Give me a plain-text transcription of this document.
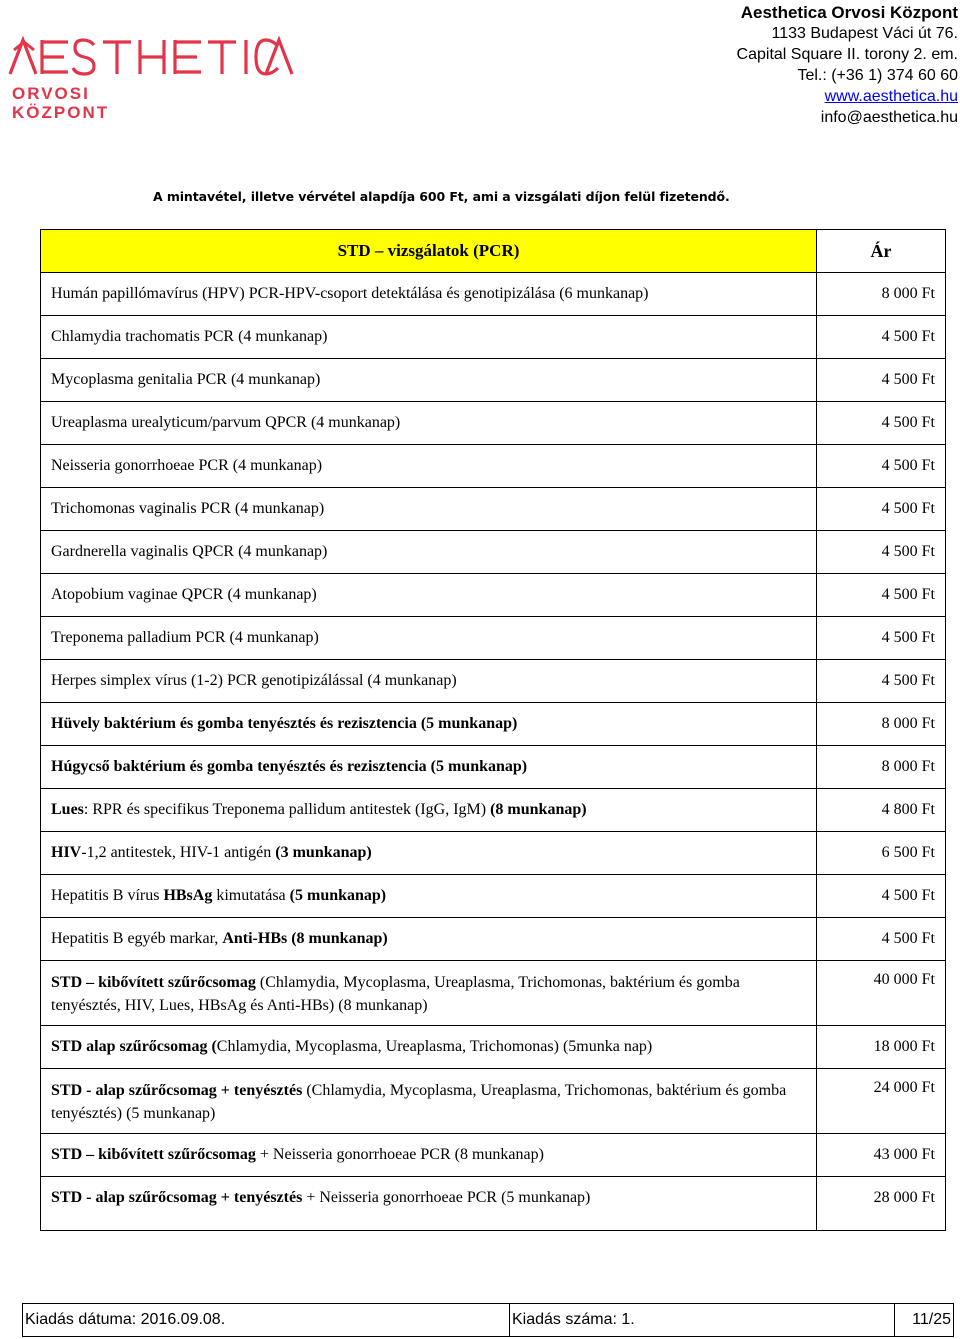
ORVOSI
KÖZPONT
Aesthetica Orvosi Központ
1133 Budapest Váci út 76.
Capital Square II. torony 2. em.
Tel.: (+36 1) 374 60 60
www.aesthetica.hu
info@aesthetica.hu

A mintavétel, illetve vérvétel alapdíja 600 Ft, ami a vizsgálati díjon felül fizetendő.

STD – vizsgálatok (PCR)	Ár
Humán papillómavírus (HPV) PCR-HPV-csoport detektálása és genotipizálása (6 munkanap)	8 000 Ft
Chlamydia trachomatis PCR (4 munkanap)	4 500 Ft
Mycoplasma genitalia PCR (4 munkanap)	4 500 Ft
Ureaplasma urealyticum/parvum QPCR (4 munkanap)	4 500 Ft
Neisseria gonorrhoeae PCR (4 munkanap)	4 500 Ft
Trichomonas vaginalis PCR (4 munkanap)	4 500 Ft
Gardnerella vaginalis QPCR (4 munkanap)	4 500 Ft
Atopobium vaginae QPCR (4 munkanap)	4 500 Ft
Treponema palladium PCR (4 munkanap)	4 500 Ft
Herpes simplex vírus (1-2) PCR genotipizálással (4 munkanap)	4 500 Ft
Hüvely baktérium és gomba tenyésztés és rezisztencia (5 munkanap)	8 000 Ft
Húgycső baktérium és gomba tenyésztés és rezisztencia (5 munkanap)	8 000 Ft
Lues: RPR és specifikus Treponema pallidum antitestek (IgG, IgM) (8 munkanap)	4 800 Ft
HIV-1,2 antitestek, HIV-1 antigén (3 munkanap)	6 500 Ft
Hepatitis B vírus HBsAg kimutatása (5 munkanap)	4 500 Ft
Hepatitis B egyéb markar, Anti-HBs (8 munkanap)	4 500 Ft
STD – kibővített szűrőcsomag (Chlamydia, Mycoplasma, Ureaplasma, Trichomonas, baktérium és gomba tenyésztés, HIV, Lues, HBsAg és Anti-HBs) (8 munkanap)	40 000 Ft
STD alap szűrőcsomag (Chlamydia, Mycoplasma, Ureaplasma, Trichomonas) (5munka nap)	18 000 Ft
STD - alap szűrőcsomag + tenyésztés (Chlamydia, Mycoplasma, Ureaplasma, Trichomonas, baktérium és gomba tenyésztés) (5 munkanap)	24 000 Ft
STD – kibővített szűrőcsomag + Neisseria gonorrhoeae PCR (8 munkanap)	43 000 Ft
STD - alap szűrőcsomag + tenyésztés + Neisseria gonorrhoeae PCR (5 munkanap)	28 000 Ft
Kiadás dátuma: 2016.09.08.	Kiadás száma: 1.	11/25
